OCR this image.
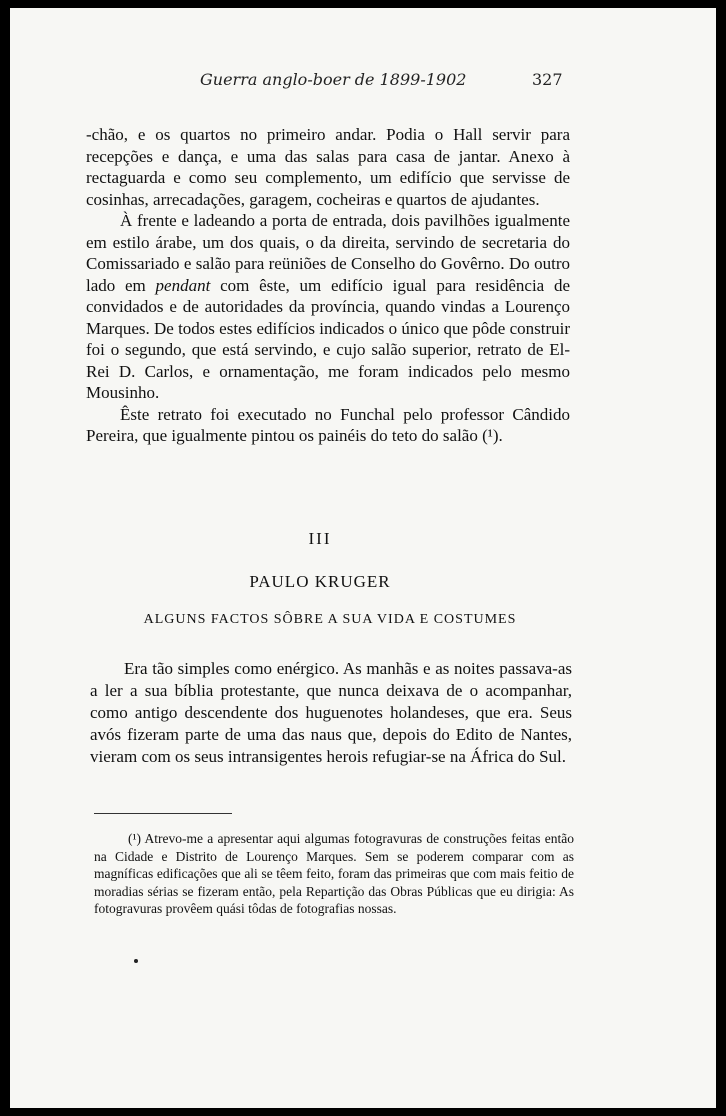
Guerra anglo-boer de 1899-1902	327

-chão, e os quartos no primeiro andar. Podia o Hall servir para recepções e dança, e uma das salas para casa de jantar. Anexo à rectaguarda e como seu complemento, um edifício que servisse de cosinhas, arrecadações, garagem, cocheiras e quartos de ajudantes.

À frente e ladeando a porta de entrada, dois pavilhões igualmente em estilo árabe, um dos quais, o da direita, servindo de secretaria do Comissariado e salão para reüniões de Conselho do Govêrno. Do outro lado em pendant com êste, um edifício igual para residência de convidados e de autoridades da província, quando vindas a Lourenço Marques. De todos estes edifícios indicados o único que pôde construir foi o segundo, que está servindo, e cujo salão superior, retrato de El-Rei D. Carlos, e ornamentação, me foram indicados pelo mesmo Mousinho.

Êste retrato foi executado no Funchal pelo professor Cândido Pereira, que igualmente pintou os painéis do teto do salão (¹).

III
PAULO KRUGER
ALGUNS FACTOS SÔBRE A SUA VIDA E COSTUMES

Era tão simples como enérgico. As manhãs e as noites passava-as a ler a sua bíblia protestante, que nunca deixava de o acompanhar, como antigo descendente dos huguenotes holandeses, que era. Seus avós fizeram parte de uma das naus que, depois do Edito de Nantes, vieram com os seus intransigentes herois refugiar-se na África do Sul.

(¹) Atrevo-me a apresentar aqui algumas fotogravuras de construções feitas então na Cidade e Distrito de Lourenço Marques. Sem se poderem comparar com as magníficas edificações que ali se têem feito, foram das primeiras que com mais feitio de moradias sérias se fizeram então, pela Repartição das Obras Públicas que eu dirigia: As fotogravuras provêem quási tôdas de fotografias nossas.
